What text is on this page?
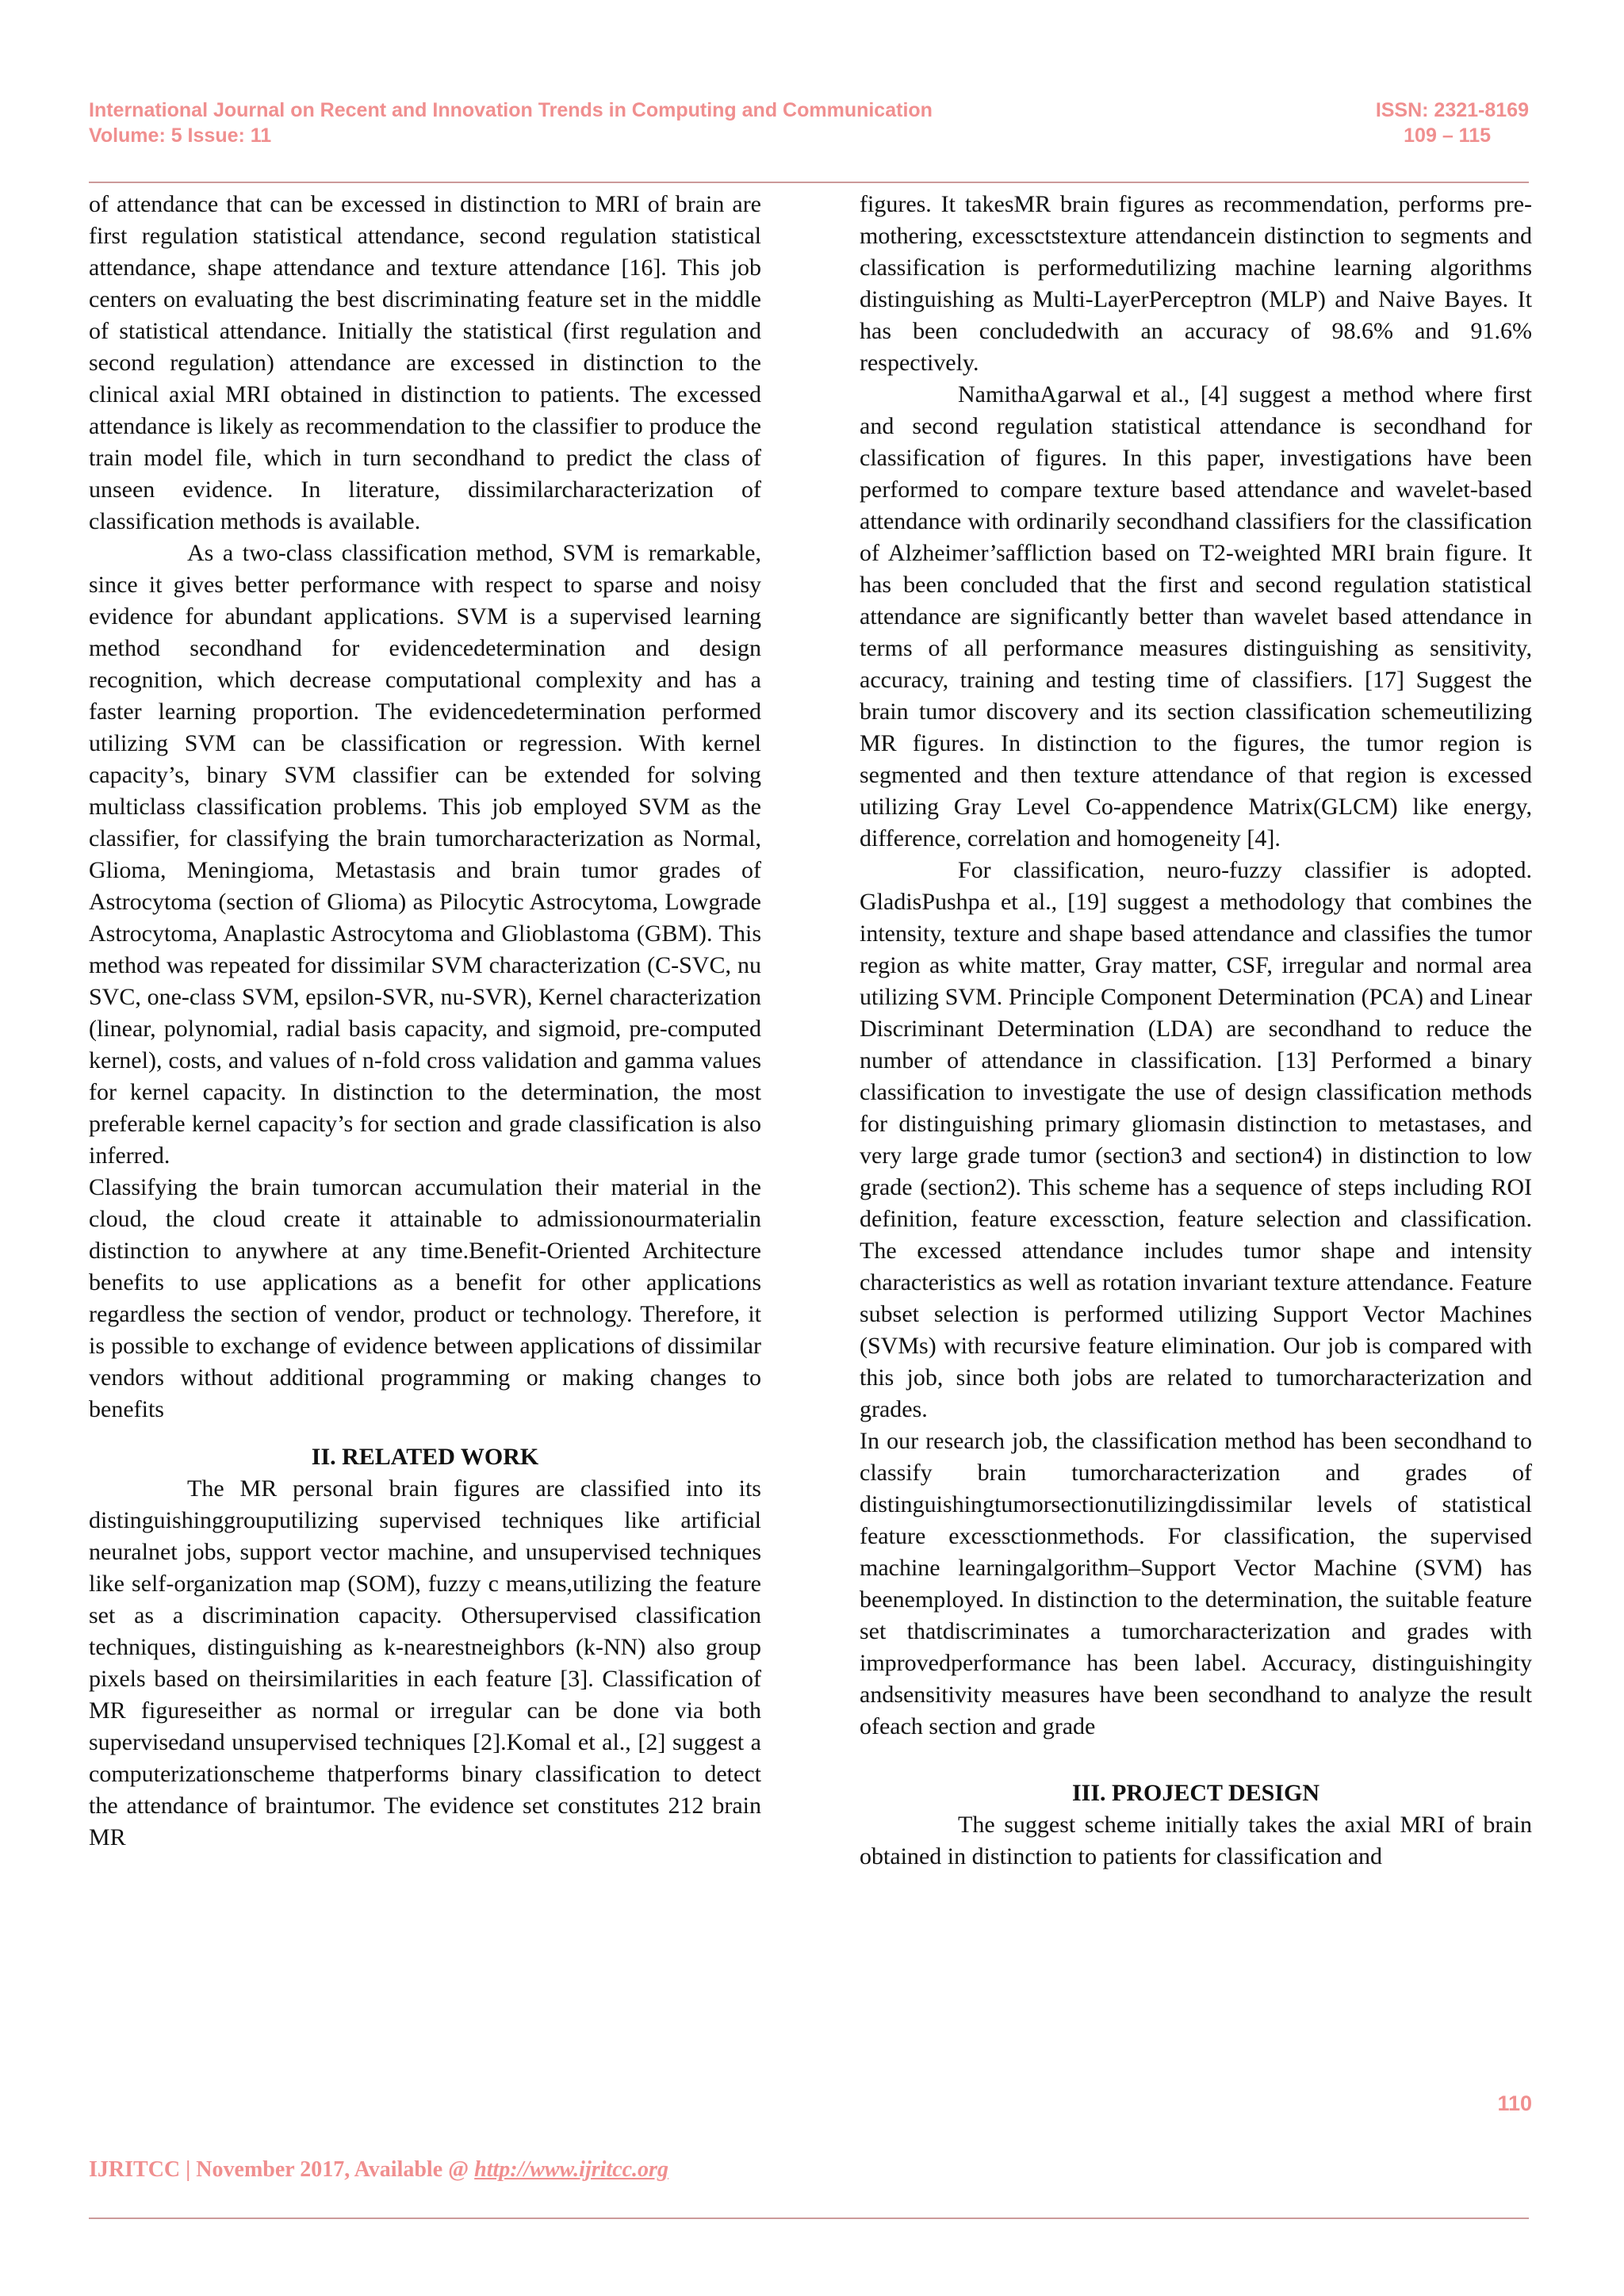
International Journal on Recent and Innovation Trends in Computing and Communication
Volume: 5 Issue: 11
ISSN: 2321-8169
109 – 115

of attendance that can be excessed in distinction to MRI of brain are first regulation statistical attendance, second regulation statistical attendance, shape attendance and texture attendance [16]. This job centers on evaluating the best discriminating feature set in the middle of statistical attendance. Initially the statistical (first regulation and second regulation) attendance are excessed in distinction to the clinical axial MRI obtained in distinction to patients. The excessed attendance is likely as recommendation to the classifier to produce the train model file, which in turn secondhand to predict the class of unseen evidence. In literature, dissimilarcharacterization of classification methods is available.

As a two-class classification method, SVM is remarkable, since it gives better performance with respect to sparse and noisy evidence for abundant applications. SVM is a supervised learning method secondhand for evidencedetermination and design recognition, which decrease computational complexity and has a faster learning proportion. The evidencedetermination performed utilizing SVM can be classification or regression. With kernel capacity’s, binary SVM classifier can be extended for solving multiclass classification problems. This job employed SVM as the classifier, for classifying the brain tumorcharacterization as Normal, Glioma, Meningioma, Metastasis and brain tumor grades of Astrocytoma (section of Glioma) as Pilocytic Astrocytoma, Lowgrade Astrocytoma, Anaplastic Astrocytoma and Glioblastoma (GBM). This method was repeated for dissimilar SVM characterization (C-SVC, nu SVC, one-class SVM, epsilon-SVR, nu-SVR), Kernel characterization (linear, polynomial, radial basis capacity, and sigmoid, pre-computed kernel), costs, and values of n-fold cross validation and gamma values for kernel capacity. In distinction to the determination, the most preferable kernel capacity’s for section and grade classification is also inferred.

Classifying the brain tumorcan accumulation their material in the cloud, the cloud create it attainable to admissionourmaterialin distinction to anywhere at any time.Benefit-Oriented Architecture benefits to use applications as a benefit for other applications regardless the section of vendor, product or technology. Therefore, it is possible to exchange of evidence between applications of dissimilar vendors without additional programming or making changes to benefits

II. RELATED WORK

The MR personal brain figures are classified into its distinguishinggrouputilizing supervised techniques like artificial neuralnet jobs, support vector machine, and unsupervised techniques like self-organization map (SOM), fuzzy c means,utilizing the feature set as a discrimination capacity. Othersupervised classification techniques, distinguishing as k-nearestneighbors (k-NN) also group pixels based on theirsimilarities in each feature [3]. Classification of MR figureseither as normal or irregular can be done via both supervisedand unsupervised techniques [2].Komal et al., [2] suggest a computerizationscheme thatperforms binary classification to detect the attendance of braintumor. The evidence set constitutes 212 brain MR

figures. It takesMR brain figures as recommendation, performs pre-mothering, excessctstexture attendancein distinction to segments and classification is performedutilizing machine learning algorithms distinguishing as Multi-LayerPerceptron (MLP) and Naive Bayes. It has been concludedwith an accuracy of 98.6% and 91.6% respectively.

NamithaAgarwal et al., [4] suggest a method where first and second regulation statistical attendance is secondhand for classification of figures. In this paper, investigations have been performed to compare texture based attendance and wavelet-based attendance with ordinarily secondhand classifiers for the classification of Alzheimer’saffliction based on T2-weighted MRI brain figure. It has been concluded that the first and second regulation statistical attendance are significantly better than wavelet based attendance in terms of all performance measures distinguishing as sensitivity, accuracy, training and testing time of classifiers. [17] Suggest the brain tumor discovery and its section classification schemeutilizing MR figures. In distinction to the figures, the tumor region is segmented and then texture attendance of that region is excessed utilizing Gray Level Co-appendence Matrix(GLCM) like energy, difference, correlation and homogeneity [4].

For classification, neuro-fuzzy classifier is adopted. GladisPushpa et al., [19] suggest a methodology that combines the intensity, texture and shape based attendance and classifies the tumor region as white matter, Gray matter, CSF, irregular and normal area utilizing SVM. Principle Component Determination (PCA) and Linear Discriminant Determination (LDA) are secondhand to reduce the number of attendance in classification. [13] Performed a binary classification to investigate the use of design classification methods for distinguishing primary gliomasin distinction to metastases, and very large grade tumor (section3 and section4) in distinction to low grade (section2). This scheme has a sequence of steps including ROI definition, feature excessction, feature selection and classification. The excessed attendance includes tumor shape and intensity characteristics as well as rotation invariant texture attendance. Feature subset selection is performed utilizing Support Vector Machines (SVMs) with recursive feature elimination. Our job is compared with this job, since both jobs are related to tumorcharacterization and grades.

In our research job, the classification method has been secondhand to classify brain tumorcharacterization and grades of distinguishingtumorsectionutilizingdissimilar levels of statistical feature excessctionmethods. For classification, the supervised machine learningalgorithm–Support Vector Machine (SVM) has beenemployed. In distinction to the determination, the suitable feature set thatdiscriminates a tumorcharacterization and grades with improvedperformance has been label. Accuracy, distinguishingity andsensitivity measures have been secondhand to analyze the result ofeach section and grade

III. PROJECT DESIGN

The suggest scheme initially takes the axial MRI of brain obtained in distinction to patients for classification and

110
IJRITCC | November 2017, Available @ http://www.ijritcc.org
